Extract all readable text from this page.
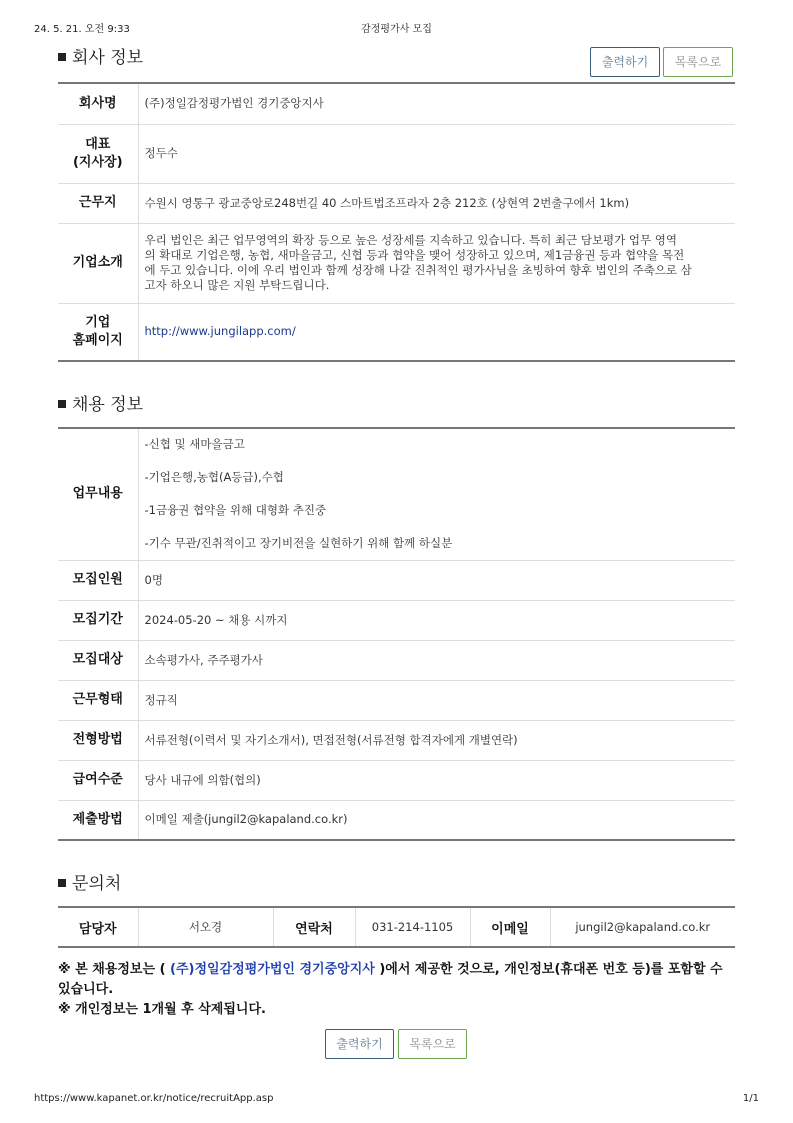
24. 5. 21. 오전 9:33	감정평가사 모집
회사 정보	출력하기	목록으로
회사명	(주)정일감정평가법인 경기중앙지사
대표
(지사장)	정두수
근무지	수원시 영통구 광교중앙로248번길 40 스마트법조프라자 2층 212호 (상현역 2번출구에서 1km)
기업소개	우리 법인은 최근 업무영역의 확장 등으로 높은 성장세를 지속하고 있습니다. 특히 최근 담보평가 업무 영역
의 확대로 기업은행, 농협, 새마을금고, 신협 등과 협약을 맺어 성장하고 있으며, 제1금융권 등과 협약을 목전
에 두고 있습니다. 이에 우리 법인과 함께 성장해 나갈 진취적인 평가사님을 초빙하여 향후 법인의 주축으로 삼
고자 하오니 많은 지원 부탁드립니다.

기업
홈페이지	http://www.jungilapp.com/
채용 정보
업무내용	-신협 및 새마을금고
-기업은행,농협(A등급),수협
-1금융권 협약을 위해 대형화 추진중
-기수 무관/진취적이고 장기비전을 실현하기 위해 함께 하실분

모집인원	0명
모집기간	2024-05-20 ~ 채용 시까지
모집대상	소속평가사, 주주평가사
근무형태	정규직
전형방법	서류전형(이력서 및 자기소개서), 면접전형(서류전형 합격자에게 개별연락)
급여수준	당사 내규에 의함(협의)
제출방법	이메일 제출(jungil2@kapaland.co.kr)
문의처
담당자	서오경	연락처	031-214-1105	이메일	jungil2@kapaland.co.kr
※ 본 채용정보는 ( (주)정일감정평가법인 경기중앙지사 )에서 제공한 것으로, 개인정보(휴대폰 번호 등)를 포함할 수 있습니다.
※ 개인정보는 1개월 후 삭제됩니다.
출력하기	목록으로
https://www.kapanet.or.kr/notice/recruitApp.asp	1/1
